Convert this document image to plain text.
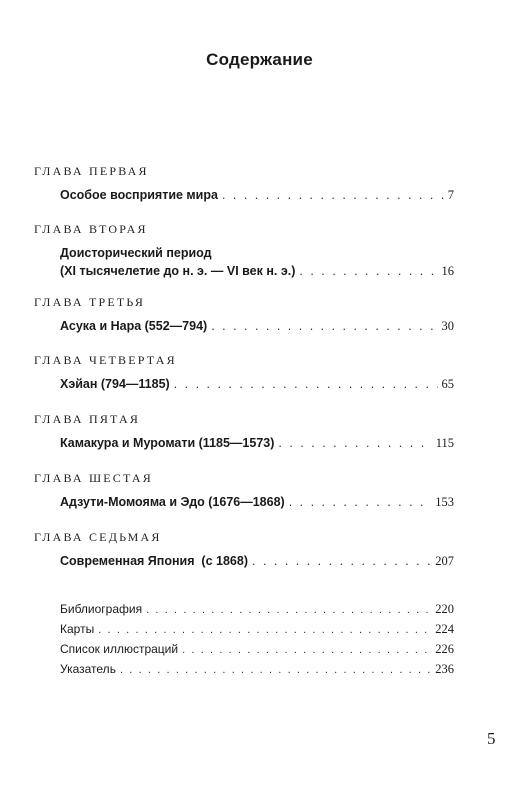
Содержание
ГЛАВА ПЕРВАЯ
Особое восприятие мира . . .	7
ГЛАВА ВТОРАЯ
Доисторический период
(XI тысячелетие до н. э. — VI век н. э.) . . .	16
ГЛАВА ТРЕТЬЯ
Асука и Нара (552—794) . . .	30
ГЛАВА ЧЕТВЕРТАЯ
Хэйан (794—1185) . . .	65
ГЛАВА ПЯТАЯ
Камакура и Муромати (1185—1573) . . .	115
ГЛАВА ШЕСТАЯ
Адзути-Момояма и Эдо (1676—1868) . . .	153
ГЛАВА СЕДЬМАЯ
Современная Япония  (с 1868) . . .	207
Библиография . . .	220
Карты . . .	224
Список иллюстраций . . .	226
Указатель . . .	236
5
